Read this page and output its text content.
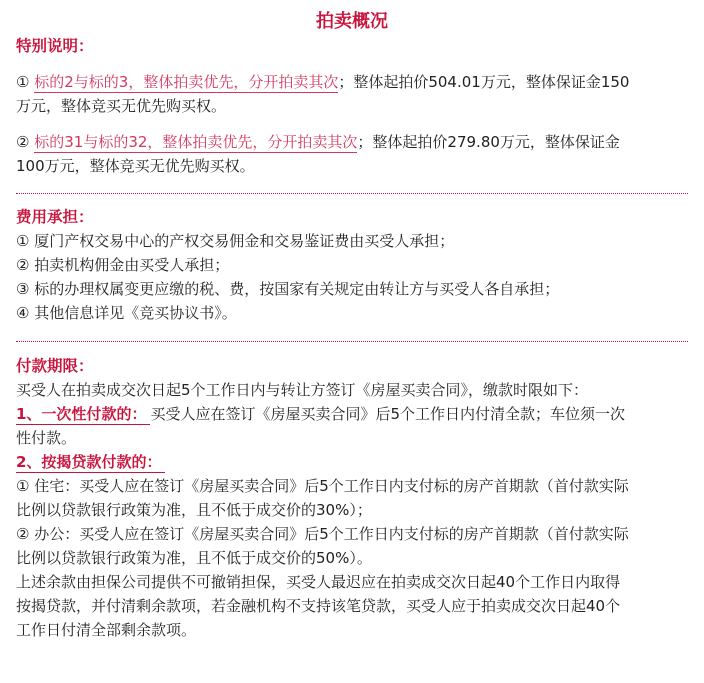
拍卖概况
特别说明：
① 标的2与标的3，整体拍卖优先，分开拍卖其次；整体起拍价504.01万元，整体保证金150
万元，整体竞买无优先购买权。
② 标的31与标的32，整体拍卖优先，分开拍卖其次；整体起拍价279.80万元，整体保证金
100万元，整体竞买无优先购买权。
费用承担：
① 厦门产权交易中心的产权交易佣金和交易鉴证费由买受人承担；
② 拍卖机构佣金由买受人承担；
③ 标的办理权属变更应缴的税、费，按国家有关规定由转让方与买受人各自承担；
④ 其他信息详见《竞买协议书》。
付款期限：
买受人在拍卖成交次日起5个工作日内与转让方签订《房屋买卖合同》，缴款时限如下：
1、一次性付款的： 买受人应在签订《房屋买卖合同》后5个工作日内付清全款；车位须一次
性付款。
2、按揭贷款付款的：
① 住宅：买受人应在签订《房屋买卖合同》后5个工作日内支付标的房产首期款（首付款实际
比例以贷款银行政策为准，且不低于成交价的30%）；
② 办公：买受人应在签订《房屋买卖合同》后5个工作日内支付标的房产首期款（首付款实际
比例以贷款银行政策为准，且不低于成交价的50%）。
上述余款由担保公司提供不可撤销担保，买受人最迟应在拍卖成交次日起40个工作日内取得
按揭贷款，并付清剩余款项，若金融机构不支持该笔贷款，买受人应于拍卖成交次日起40个
工作日付清全部剩余款项。
